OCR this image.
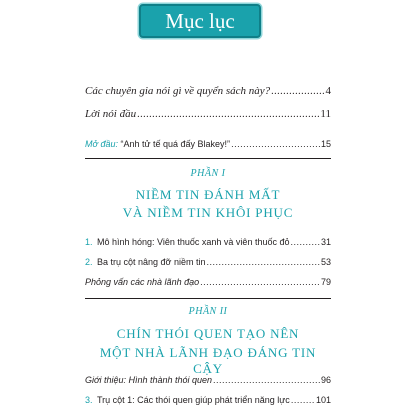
Mục lục
Các chuyên gia nói gì về quyển sách này? .....	4
Lời nói đầu .....	11
Mở đầu: “Anh tử tế quá đấy Blakey!” .....	15
PHẦN I
NIỀM TIN ĐÁNH MẤT
VÀ NIỀM TIN KHÔI PHỤC
1. Mô hình hóng: Viên thuốc xanh và viên thuốc đỏ .....	31
2. Ba trụ cột nâng đỡ niềm tin .....	53
Phỏng vấn các nhà lãnh đạo .....	79
PHẦN II
CHÍN THÓI QUEN TẠO NÊN
MỘT NHÀ LÃNH ĐẠO ĐÁNG TIN CẬY
Giới thiệu: Hình thành thói quen .....	96
3. Trụ cột 1: Các thói quen giúp phát triển năng lực .....	101
